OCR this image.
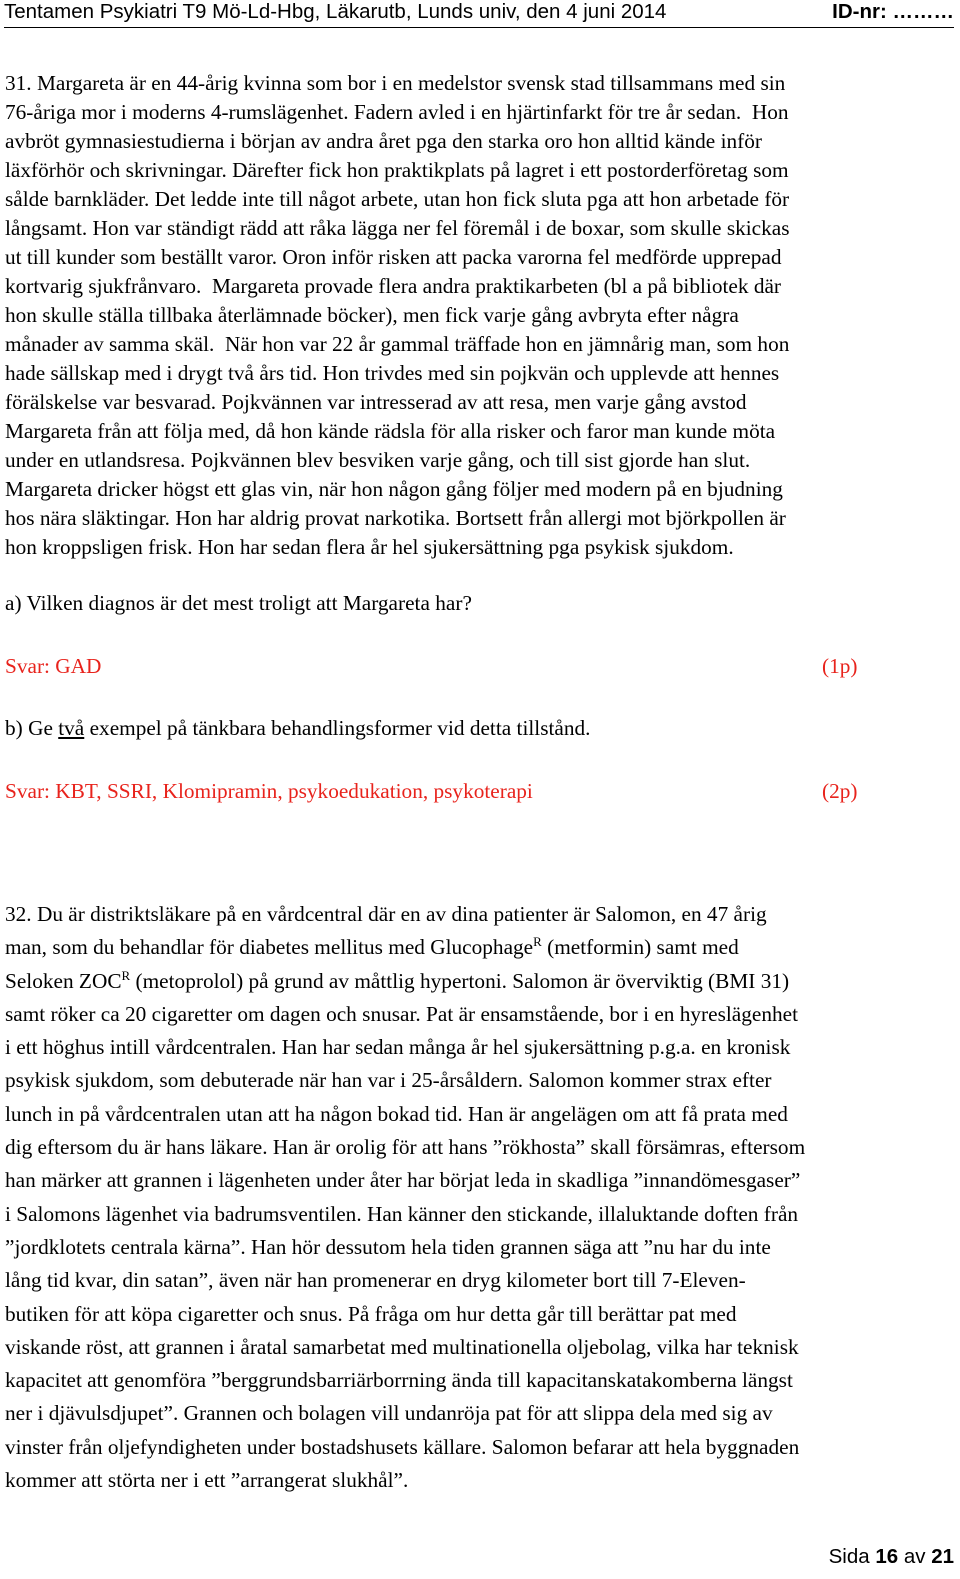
Tentamen Psykiatri T9 Mö-Ld-Hbg, Läkarutb, Lunds univ, den 4 juni 2014	ID-nr: ………
31. Margareta är en 44-årig kvinna som bor i en medelstor svensk stad tillsammans med sin
76-åriga mor i moderns 4-rumslägenhet. Fadern avled i en hjärtinfarkt för tre år sedan.  Hon
avbröt gymnasiestudierna i början av andra året pga den starka oro hon alltid kände inför
läxförhör och skrivningar. Därefter fick hon praktikplats på lagret i ett postorderföretag som
sålde barnkläder. Det ledde inte till något arbete, utan hon fick sluta pga att hon arbetade för
långsamt. Hon var ständigt rädd att råka lägga ner fel föremål i de boxar, som skulle skickas
ut till kunder som beställt varor. Oron inför risken att packa varorna fel medförde upprepad
kortvarig sjukfrånvaro.  Margareta provade flera andra praktikarbeten (bl a på bibliotek där
hon skulle ställa tillbaka återlämnade böcker), men fick varje gång avbryta efter några
månader av samma skäl.  När hon var 22 år gammal träffade hon en jämnårig man, som hon
hade sällskap med i drygt två års tid. Hon trivdes med sin pojkvän och upplevde att hennes
förälskelse var besvarad. Pojkvännen var intresserad av att resa, men varje gång avstod
Margareta från att följa med, då hon kände rädsla för alla risker och faror man kunde möta
under en utlandsresa. Pojkvännen blev besviken varje gång, och till sist gjorde han slut.
Margareta dricker högst ett glas vin, när hon någon gång följer med modern på en bjudning
hos nära släktingar. Hon har aldrig provat narkotika. Bortsett från allergi mot björkpollen är
hon kroppsligen frisk. Hon har sedan flera år hel sjukersättning pga psykisk sjukdom.
a) Vilken diagnos är det mest troligt att Margareta har?
Svar: GAD	(1p)
b) Ge två exempel på tänkbara behandlingsformer vid detta tillstånd.
Svar: KBT, SSRI, Klomipramin, psykoedukation, psykoterapi	(2p)
32. Du är distriktsläkare på en vårdcentral där en av dina patienter är Salomon, en 47 årig
man, som du behandlar för diabetes mellitus med Glucophage$^R$ (metformin) samt med
Seloken $ZOC^R$ (metoprolol) på grund av måttlig hypertoni. Salomon är överviktig (BMI 31)
samt röker ca 20 cigaretter om dagen och snusar. Pat är ensamstående, bor i en hyreslägenhet
i ett höghus intill vårdcentralen. Han har sedan många år hel sjukersättning p.g.a. en kronisk
psykisk sjukdom, som debuterade när han var i 25-årsåldern. Salomon kommer strax efter
lunch in på vårdcentralen utan att ha någon bokad tid. Han är angelägen om att få prata med
dig eftersom du är hans läkare. Han är orolig för att hans ”rökhosta” skall försämras, eftersom
han märker att grannen i lägenheten under åter har börjat leda in skadliga ”innandömesgaser”
i Salomons lägenhet via badrumsventilen. Han känner den stickande, illaluktande doften från
”jordklotets centrala kärna”. Han hör dessutom hela tiden grannen säga att ”nu har du inte
lång tid kvar, din satan”, även när han promenerar en dryg kilometer bort till 7-Eleven-
butiken för att köpa cigaretter och snus. På fråga om hur detta går till berättar pat med
viskande röst, att grannen i åratal samarbetat med multinationella oljebolag, vilka har teknisk
kapacitet att genomföra ”berggrundsbarriärborrning ända till kapacitanskatakomberna längst
ner i djävulsdjupet”. Grannen och bolagen vill undanröja pat för att slippa dela med sig av
vinster från oljefyndigheten under bostadshusets källare. Salomon befarar att hela byggnaden
kommer att störta ner i ett ”arrangerat slukhål”.
Sida 16 av 21
